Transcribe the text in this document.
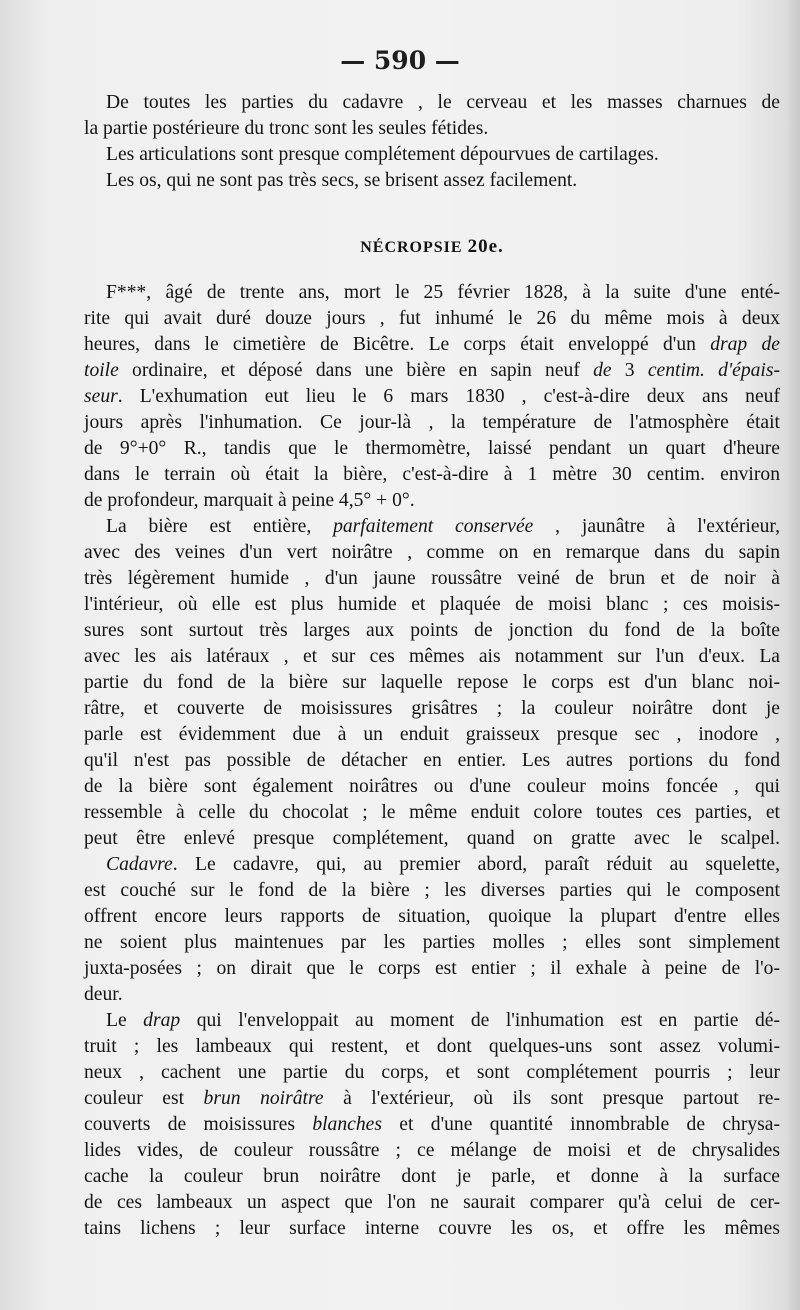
— 590 —
De toutes les parties du cadavre , le cerveau et les masses charnues de
la partie postérieure du tronc sont les seules fétides.
Les articulations sont presque complétement dépourvues de cartilages.
Les os, qui ne sont pas très secs, se brisent assez facilement.
NÉCROPSIE 20e.
F***, âgé de trente ans, mort le 25 février 1828, à la suite d'une enté-
rite qui avait duré douze jours , fut inhumé le 26 du même mois à deux
heures, dans le cimetière de Bicêtre. Le corps était enveloppé d'un drap de
toile ordinaire, et déposé dans une bière en sapin neuf de 3 centim. d'épais-
seur. L'exhumation eut lieu le 6 mars 1830 , c'est-à-dire deux ans neuf
jours après l'inhumation. Ce jour-là , la température de l'atmosphère était
de 9°+0° R., tandis que le thermomètre, laissé pendant un quart d'heure
dans le terrain où était la bière, c'est-à-dire à 1 mètre 30 centim. environ
de profondeur, marquait à peine 4,5° + 0°.
La bière est entière, parfaitement conservée , jaunâtre à l'extérieur,
avec des veines d'un vert noirâtre , comme on en remarque dans du sapin
très légèrement humide , d'un jaune roussâtre veiné de brun et de noir à
l'intérieur, où elle est plus humide et plaquée de moisi blanc ; ces moisis-
sures sont surtout très larges aux points de jonction du fond de la boîte
avec les ais latéraux , et sur ces mêmes ais notamment sur l'un d'eux. La
partie du fond de la bière sur laquelle repose le corps est d'un blanc noi-
râtre, et couverte de moisissures grisâtres ; la couleur noirâtre dont je
parle est évidemment due à un enduit graisseux presque sec , inodore ,
qu'il n'est pas possible de détacher en entier. Les autres portions du fond
de la bière sont également noirâtres ou d'une couleur moins foncée , qui
ressemble à celle du chocolat ; le même enduit colore toutes ces parties, et
peut être enlevé presque complétement, quand on gratte avec le scalpel.
Cadavre. Le cadavre, qui, au premier abord, paraît réduit au squelette,
est couché sur le fond de la bière ; les diverses parties qui le composent
offrent encore leurs rapports de situation, quoique la plupart d'entre elles
ne soient plus maintenues par les parties molles ; elles sont simplement
juxta-posées ; on dirait que le corps est entier ; il exhale à peine de l'o-
deur.
Le drap qui l'enveloppait au moment de l'inhumation est en partie dé-
truit ; les lambeaux qui restent, et dont quelques-uns sont assez volumi-
neux , cachent une partie du corps, et sont complétement pourris ; leur
couleur est brun noirâtre à l'extérieur, où ils sont presque partout re-
couverts de moisissures blanches et d'une quantité innombrable de chrysa-
lides vides, de couleur roussâtre ; ce mélange de moisi et de chrysalides
cache la couleur brun noirâtre dont je parle, et donne à la surface
de ces lambeaux un aspect que l'on ne saurait comparer qu'à celui de cer-
tains lichens ; leur surface interne couvre les os, et offre les mêmes
